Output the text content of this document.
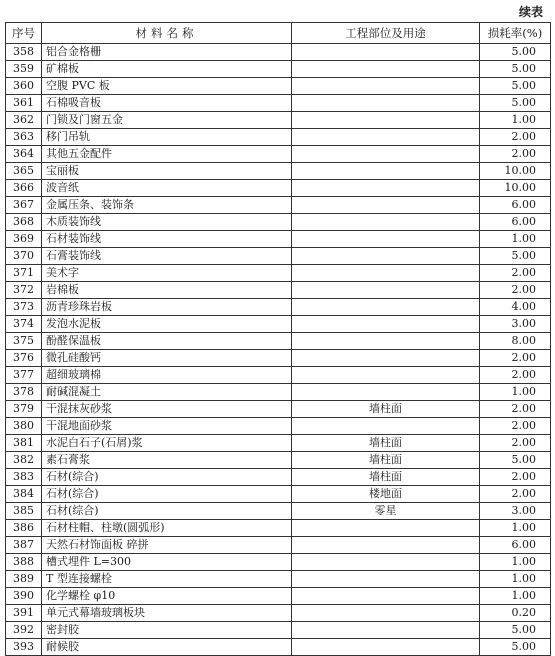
续表
序号	材料名称	工程部位及用途	损耗率(%)
358	铝合金格栅		5.00
359	矿棉板		5.00
360	空腹 PVC 板		5.00
361	石棉吸音板		5.00
362	门锁及门窗五金		1.00
363	移门吊轨		2.00
364	其他五金配件		2.00
365	宝丽板		10.00
366	波音纸		10.00
367	金属压条、装饰条		6.00
368	木质装饰线		6.00
369	石材装饰线		1.00
370	石膏装饰线		5.00
371	美术字		2.00
372	岩棉板		2.00
373	沥青珍珠岩板		4.00
374	发泡水泥板		3.00
375	酚醛保温板		8.00
376	微孔硅酸钙		2.00
377	超细玻璃棉		2.00
378	耐碱混凝土		1.00
379	干混抹灰砂浆	墙柱面	2.00
380	干混地面砂浆		2.00
381	水泥白石子(石屑)浆	墙柱面	2.00
382	素石膏浆	墙柱面	5.00
383	石材(综合)	墙柱面	2.00
384	石材(综合)	楼地面	2.00
385	石材(综合)	零星	3.00
386	石材柱帽、柱墩(圆弧形)		1.00
387	天然石材饰面板 碎拼		6.00
388	槽式埋件 L=300		1.00
389	T 型连接螺栓		1.00
390	化学螺栓 φ10		1.00
391	单元式幕墙玻璃板块		0.20
392	密封胶		5.00
393	耐候胶		5.00
